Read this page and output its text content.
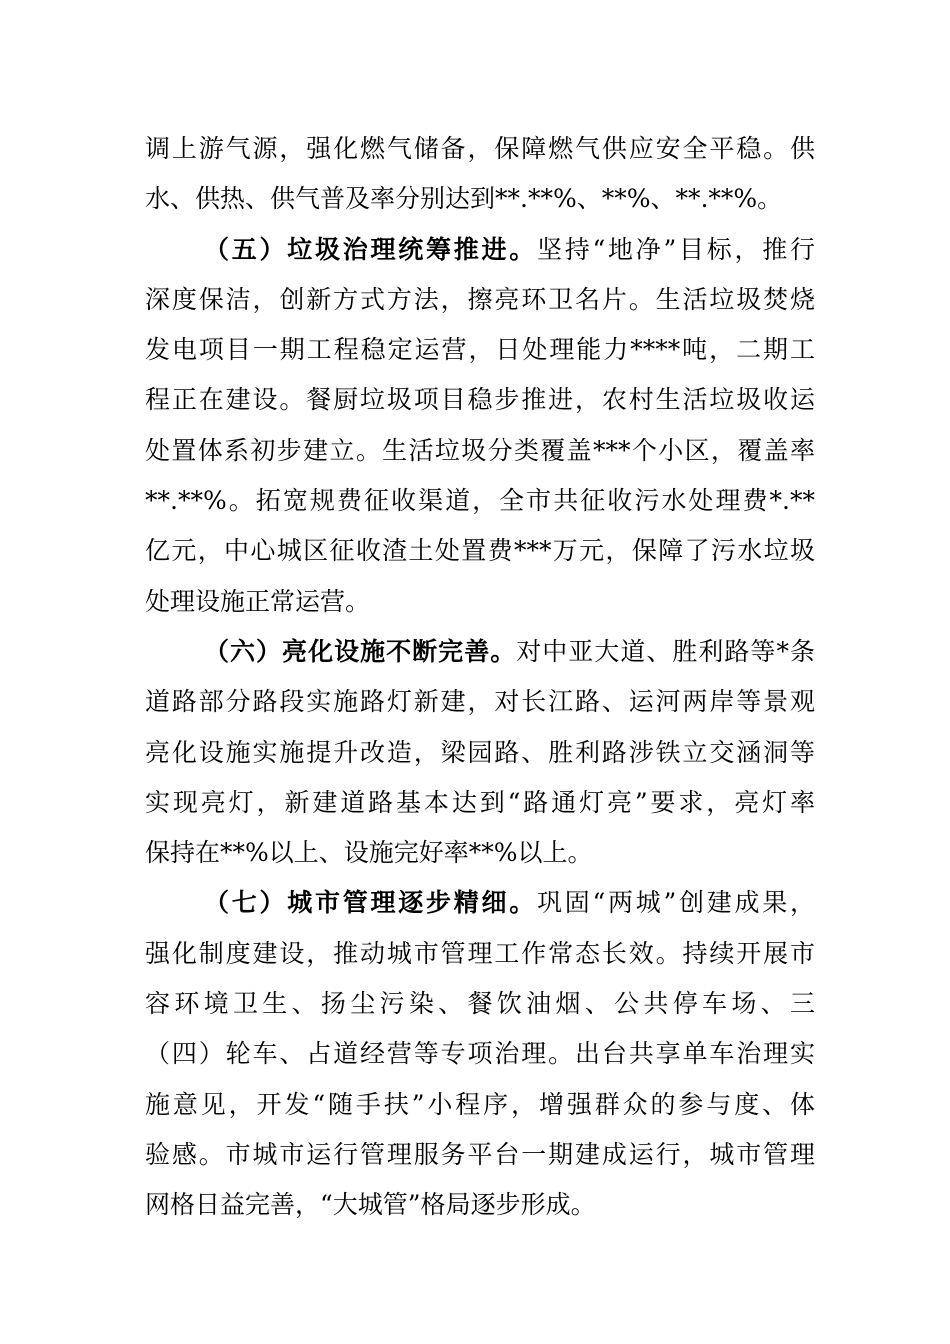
调上游气源，强化燃气储备，保障燃气供应安全平稳。供
水、供热、供气普及率分别达到**.**%、**%、**.**%。
（五）垃圾治理统筹推进。坚持“地净”目标，推行
深度保洁，创新方式方法，擦亮环卫名片。生活垃圾焚烧
发电项目一期工程稳定运营，日处理能力****吨，二期工
程正在建设。餐厨垃圾项目稳步推进，农村生活垃圾收运
处置体系初步建立。生活垃圾分类覆盖***个小区，覆盖率
**.**%。拓宽规费征收渠道，全市共征收污水处理费*.**
亿元，中心城区征收渣土处置费***万元，保障了污水垃圾
处理设施正常运营。
（六）亮化设施不断完善。对中亚大道、胜利路等*条
道路部分路段实施路灯新建，对长江路、运河两岸等景观
亮化设施实施提升改造，梁园路、胜利路涉铁立交涵洞等
实现亮灯，新建道路基本达到“路通灯亮”要求，亮灯率
保持在**%以上、设施完好率**%以上。
（七）城市管理逐步精细。巩固“两城”创建成果，
强化制度建设，推动城市管理工作常态长效。持续开展市
容环境卫生、扬尘污染、餐饮油烟、公共停车场、三
（四）轮车、占道经营等专项治理。出台共享单车治理实
施意见，开发“随手扶”小程序，增强群众的参与度、体
验感。市城市运行管理服务平台一期建成运行，城市管理
网格日益完善，“大城管”格局逐步形成。
